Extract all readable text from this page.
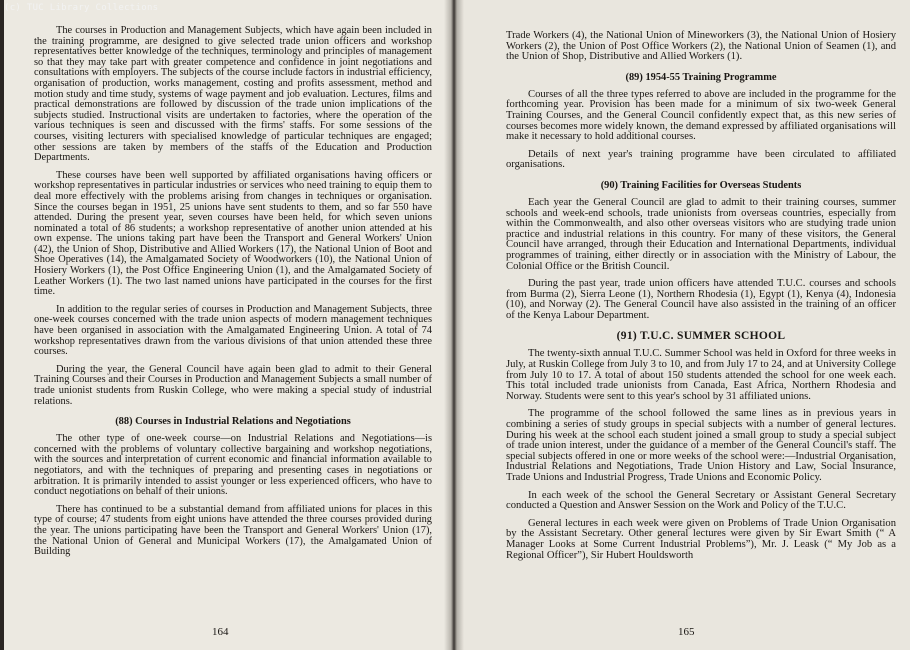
(c) TUC Library Collections

The courses in Production and Management Subjects, which have again been included in the training programme, are designed to give selected trade union officers and workshop representatives better knowledge of the techniques, terminology and principles of management so that they may take part with greater competence and confidence in joint negotiations and consultations with employers. The subjects of the course include factors in industrial efficiency, organisation of production, works management, costing and profits assessment, method and motion study and time study, systems of wage payment and job evaluation. Lectures, films and practical demonstrations are followed by discussion of the trade union implications of the subjects studied. Instructional visits are undertaken to factories, where the operation of the various techniques is seen and discussed with the firms' staffs. For some sessions of the courses, visiting lecturers with specialised knowledge of particular techniques are engaged; other sessions are taken by members of the staffs of the Education and Production Departments.

These courses have been well supported by affiliated organisations having officers or workshop representatives in particular industries or services who need training to equip them to deal more effectively with the problems arising from changes in techniques or organisation. Since the courses began in 1951, 25 unions have sent students to them, and so far 550 have attended. During the present year, seven courses have been held, for which seven unions nominated a total of 86 students; a workshop representative of another union attended at his own expense. The unions taking part have been the Transport and General Workers' Union (42), the Union of Shop, Distributive and Allied Workers (17), the National Union of Boot and Shoe Operatives (14), the Amalgamated Society of Woodworkers (10), the National Union of Hosiery Workers (1), the Post Office Engineering Union (1), and the Amalgamated Society of Leather Workers (1). The two last named unions have participated in the courses for the first time.

In addition to the regular series of courses in Production and Management Subjects, three one-week courses concerned with the trade union aspects of modern management techniques have been organised in association with the Amalgamated Engineering Union. A total of 74 workshop representatives drawn from the various divisions of that union attended these three courses.

During the year, the General Council have again been glad to admit to their General Training Courses and their Courses in Production and Management Subjects a small number of trade unionist students from Ruskin College, who were making a special study of industrial relations.

(88) Courses in Industrial Relations and Negotiations

The other type of one-week course—on Industrial Relations and Negotiations—is concerned with the problems of voluntary collective bargaining and workshop negotiations, with the sources and interpretation of current economic and financial information available to negotiators, and with the techniques of preparing and presenting cases in negotiations or arbitration. It is primarily intended to assist younger or less experienced officers, who have to conduct negotiations on behalf of their unions.

There has continued to be a substantial demand from affiliated unions for places in this type of course; 47 students from eight unions have attended the three courses provided during the year. The unions participating have been the Transport and General Workers' Union (17), the National Union of General and Municipal Workers (17), the Amalgamated Union of Building

164

Trade Workers (4), the National Union of Mineworkers (3), the National Union of Hosiery Workers (2), the Union of Post Office Workers (2), the National Union of Seamen (1), and the Union of Shop, Distributive and Allied Workers (1).

(89) 1954-55 Training Programme

Courses of all the three types referred to above are included in the programme for the forthcoming year. Provision has been made for a minimum of six two-week General Training Courses, and the General Council confidently expect that, as this new series of courses becomes more widely known, the demand expressed by affiliated organisations will make it necessary to hold additional courses.

Details of next year's training programme have been circulated to affiliated organisations.

(90) Training Facilities for Overseas Students

Each year the General Council are glad to admit to their training courses, summer schools and week-end schools, trade unionists from overseas countries, especially from within the Commonwealth, and also other overseas visitors who are studying trade union practice and industrial relations in this country. For many of these visitors, the General Council have arranged, through their Education and International Departments, individual programmes of training, either directly or in association with the Ministry of Labour, the Colonial Office or the British Council.

During the past year, trade union officers have attended T.U.C. courses and schools from Burma (2), Sierra Leone (1), Northern Rhodesia (1), Egypt (1), Kenya (4), Indonesia (10), and Norway (2). The General Council have also assisted in the training of an officer of the Kenya Labour Department.

(91) T.U.C. SUMMER SCHOOL

The twenty-sixth annual T.U.C. Summer School was held in Oxford for three weeks in July, at Ruskin College from July 3 to 10, and from July 17 to 24, and at University College from July 10 to 17. A total of about 150 students attended the school for one week each. This total included trade unionists from Canada, East Africa, Northern Rhodesia and Norway. Students were sent to this year's school by 31 affiliated unions.

The programme of the school followed the same lines as in previous years in combining a series of study groups in special subjects with a number of general lectures. During his week at the school each student joined a small group to study a special subject of trade union interest, under the guidance of a member of the General Council's staff. The special subjects offered in one or more weeks of the school were:—Industrial Organisation, Industrial Relations and Negotiations, Trade Union History and Law, Social Insurance, Trade Unions and Industrial Progress, Trade Unions and Economic Policy.

In each week of the school the General Secretary or Assistant General Secretary conducted a Question and Answer Session on the Work and Policy of the T.U.C.

General lectures in each week were given on Problems of Trade Union Organisation by the Assistant Secretary. Other general lectures were given by Sir Ewart Smith (“ A Manager Looks at Some Current Industrial Problems”), Mr. J. Leask (“ My Job as a Regional Officer”), Sir Hubert Houldsworth

165
